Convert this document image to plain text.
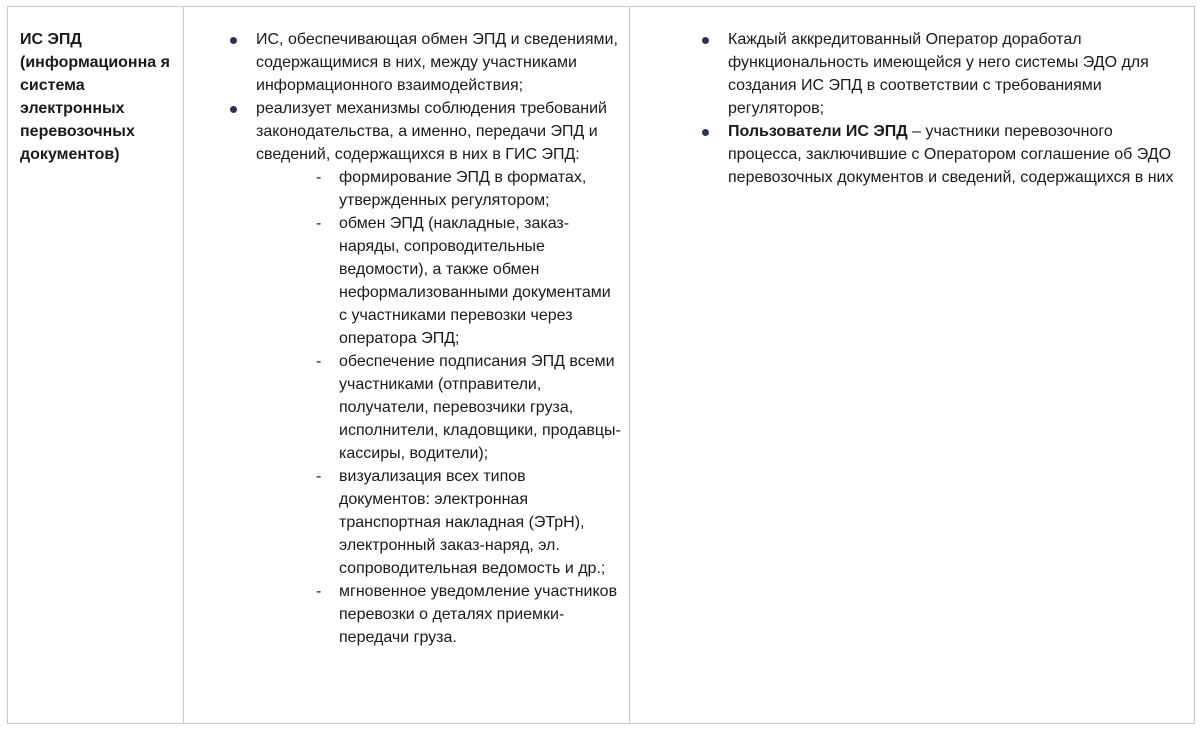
ИС ЭПД (информационна я система электронных перевозочных документов)

ИС, обеспечивающая обмен ЭПД и сведениями, содержащимися в них, между участниками информационного взаимодействия;
реализует механизмы соблюдения требований законодательства, а именно, передачи ЭПД и сведений, содержащихся в них в ГИС ЭПД:
- формирование ЭПД в форматах, утвержденных регулятором;
- обмен ЭПД (накладные, заказ-наряды, сопроводительные ведомости), а также обмен неформализованными документами с участниками перевозки через оператора ЭПД;
- обеспечение подписания ЭПД всеми участниками (отправители, получатели, перевозчики груза, исполнители, кладовщики, продавцы-кассиры, водители);
- визуализация всех типов документов: электронная транспортная накладная (ЭТрН), электронный заказ-наряд, эл. сопроводительная ведомость и др.;
- мгновенное уведомление участников перевозки о деталях приемки-передачи груза.
Каждый аккредитованный Оператор доработал функциональность имеющейся у него системы ЭДО для создания ИС ЭПД в соответствии с требованиями регуляторов;
Пользователи ИС ЭПД – участники перевозочного процесса, заключившие с Оператором соглашение об ЭДО перевозочных документов и сведений, содержащихся в них
